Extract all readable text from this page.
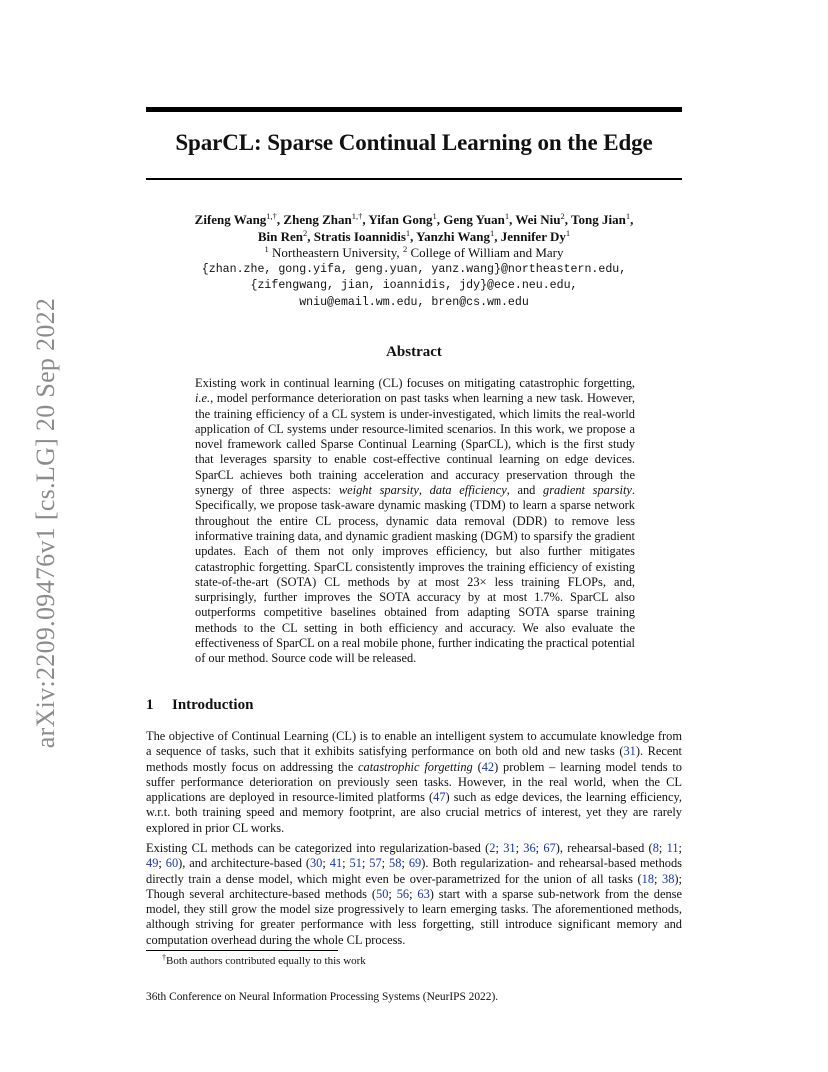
arXiv:2209.09476v1 [cs.LG] 20 Sep 2022
SparCL: Sparse Continual Learning on the Edge
Zifeng Wang$^{1,\dagger}$, Zheng Zhan$^{1,\dagger}$, Yifan Gong$^1$, Geng Yuan$^1$, Wei Niu$^2$, Tong Jian$^1$,
Bin Ren$^2$, Stratis Ioannidis$^1$, Yanzhi Wang$^1$, Jennifer Dy$^1$
$^1$ Northeastern University, $^2$ College of William and Mary
{zhan.zhe, gong.yifa, geng.yuan, yanz.wang}@northeastern.edu,
{zifengwang, jian, ioannidis, jdy}@ece.neu.edu,
wniu@email.wm.edu, bren@cs.wm.edu
Abstract
Existing work in continual learning (CL) focuses on mitigating catastrophic forgetting, i.e., model performance deterioration on past tasks when learning a new task. However, the training efficiency of a CL system is under-investigated, which limits the real-world application of CL systems under resource-limited scenarios. In this work, we propose a novel framework called Sparse Continual Learning (SparCL), which is the first study that leverages sparsity to enable cost-effective continual learning on edge devices. SparCL achieves both training acceleration and accuracy preservation through the synergy of three aspects: weight sparsity, data efficiency, and gradient sparsity. Specifically, we propose task-aware dynamic masking (TDM) to learn a sparse network throughout the entire CL process, dynamic data removal (DDR) to remove less informative training data, and dynamic gradient masking (DGM) to sparsify the gradient updates. Each of them not only improves efficiency, but also further mitigates catastrophic forgetting. SparCL consistently improves the training efficiency of existing state-of-the-art (SOTA) CL methods by at most 23× less training FLOPs, and, surprisingly, further improves the SOTA accuracy by at most 1.7%. SparCL also outperforms competitive baselines obtained from adapting SOTA sparse training methods to the CL setting in both efficiency and accuracy. We also evaluate the effectiveness of SparCL on a real mobile phone, further indicating the practical potential of our method. Source code will be released.
1 Introduction
The objective of Continual Learning (CL) is to enable an intelligent system to accumulate knowledge from a sequence of tasks, such that it exhibits satisfying performance on both old and new tasks (31). Recent methods mostly focus on addressing the catastrophic forgetting (42) problem – learning model tends to suffer performance deterioration on previously seen tasks. However, in the real world, when the CL applications are deployed in resource-limited platforms (47) such as edge devices, the learning efficiency, w.r.t. both training speed and memory footprint, are also crucial metrics of interest, yet they are rarely explored in prior CL works.
Existing CL methods can be categorized into regularization-based (2; 31; 36; 67), rehearsal-based (8; 11; 49; 60), and architecture-based (30; 41; 51; 57; 58; 69). Both regularization- and rehearsal-based methods directly train a dense model, which might even be over-parametrized for the union of all tasks (18; 38); Though several architecture-based methods (50; 56; 63) start with a sparse sub-network from the dense model, they still grow the model size progressively to learn emerging tasks. The aforementioned methods, although striving for greater performance with less forgetting, still introduce significant memory and computation overhead during the whole CL process.
†Both authors contributed equally to this work
36th Conference on Neural Information Processing Systems (NeurIPS 2022).
